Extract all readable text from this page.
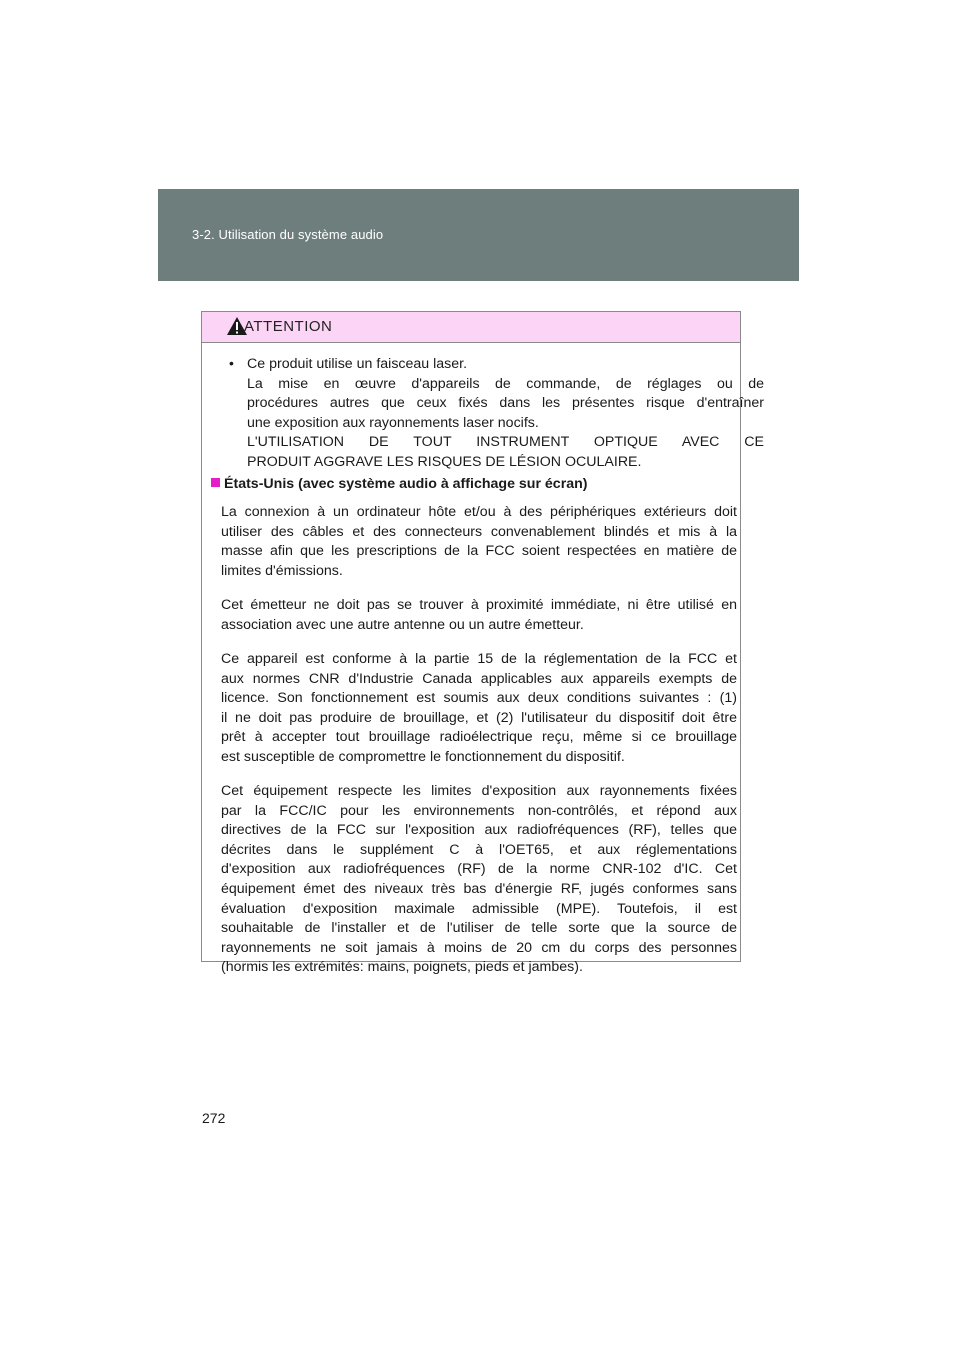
3-2. Utilisation du système audio
ATTENTION
• Ce produit utilise un faisceau laser.
La mise en œuvre d'appareils de commande, de réglages ou de
procédures autres que ceux fixés dans les présentes risque d'entraîner
une exposition aux rayonnements laser nocifs.
L'UTILISATION DE TOUT INSTRUMENT OPTIQUE AVEC CE
PRODUIT AGGRAVE LES RISQUES DE LÉSION OCULAIRE.
États-Unis (avec système audio à affichage sur écran)
La connexion à un ordinateur hôte et/ou à des périphériques extérieurs doit
utiliser des câbles et des connecteurs convenablement blindés et mis à la
masse afin que les prescriptions de la FCC soient respectées en matière de
limites d'émissions.
Cet émetteur ne doit pas se trouver à proximité immédiate, ni être utilisé en
association avec une autre antenne ou un autre émetteur.
Ce appareil est conforme à la partie 15 de la réglementation de la FCC et
aux normes CNR d'Industrie Canada applicables aux appareils exempts de
licence. Son fonctionnement est soumis aux deux conditions suivantes : (1)
il ne doit pas produire de brouillage, et (2) l'utilisateur du dispositif doit être
prêt à accepter tout brouillage radioélectrique reçu, même si ce brouillage
est susceptible de compromettre le fonctionnement du dispositif.
Cet équipement respecte les limites d'exposition aux rayonnements fixées
par la FCC/IC pour les environnements non-contrôlés, et répond aux
directives de la FCC sur l'exposition aux radiofréquences (RF), telles que
décrites dans le supplément C à l'OET65, et aux réglementations
d'exposition aux radiofréquences (RF) de la norme CNR-102 d'IC. Cet
équipement émet des niveaux très bas d'énergie RF, jugés conformes sans
évaluation d'exposition maximale admissible (MPE). Toutefois, il est
souhaitable de l'installer et de l'utiliser de telle sorte que la source de
rayonnements ne soit jamais à moins de 20 cm du corps des personnes
(hormis les extrémités: mains, poignets, pieds et jambes).
272
